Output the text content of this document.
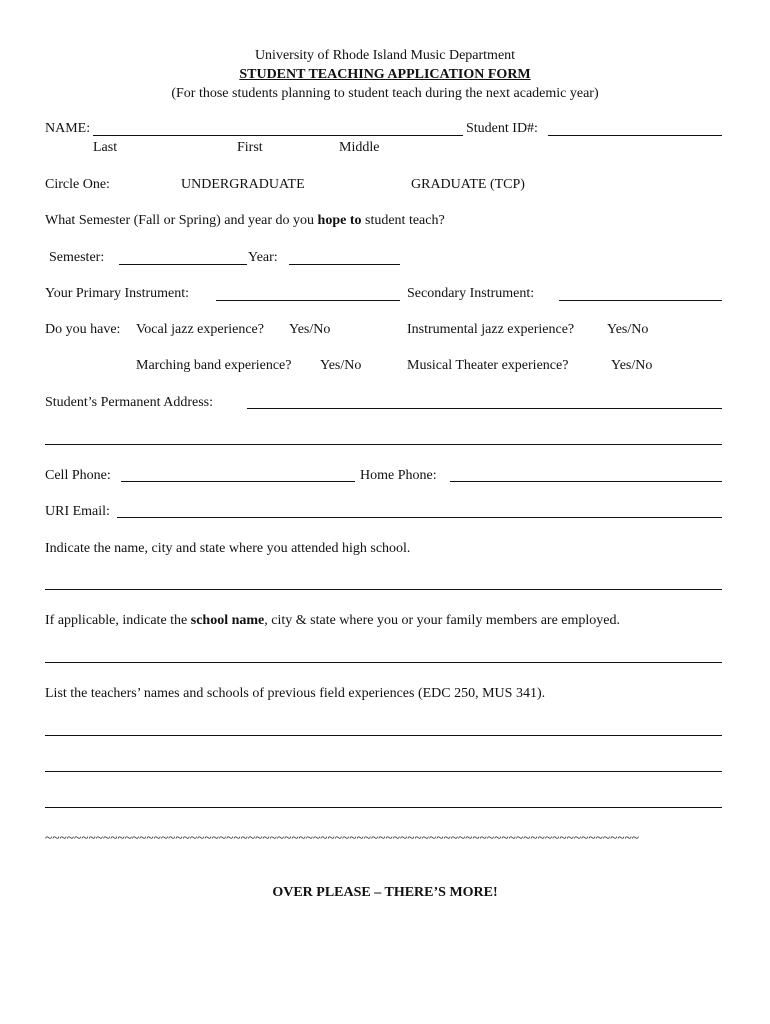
University of Rhode Island Music Department
STUDENT TEACHING APPLICATION FORM
(For those students planning to student teach during the next academic year)
NAME:	Student ID#:
Last	First	Middle
Circle One:	UNDERGRADUATE	GRADUATE (TCP)
What Semester (Fall or Spring) and year do you hope to student teach?
Semester:	Year:
Your Primary Instrument:	Secondary Instrument:
Do you have: Vocal jazz experience? Yes/No	Instrumental jazz experience? Yes/No
Marching band experience? Yes/No	Musical Theater experience?	Yes/No
Student’s Permanent Address:
Cell Phone:	Home Phone:
URI Email:
Indicate the name, city and state where you attended high school.
If applicable, indicate the school name, city & state where you or your family members are employed.
List the teachers’ names and schools of previous field experiences (EDC 250, MUS 341).
~~~~~~~~~~~~~~~~~~~~~~~~~~~~~~~~~~~~~~~~~~~~~~~~~~~~~~~~~~~~~~~~~~~~~~~~~~~~~~~~~~
OVER PLEASE – THERE’S MORE!
